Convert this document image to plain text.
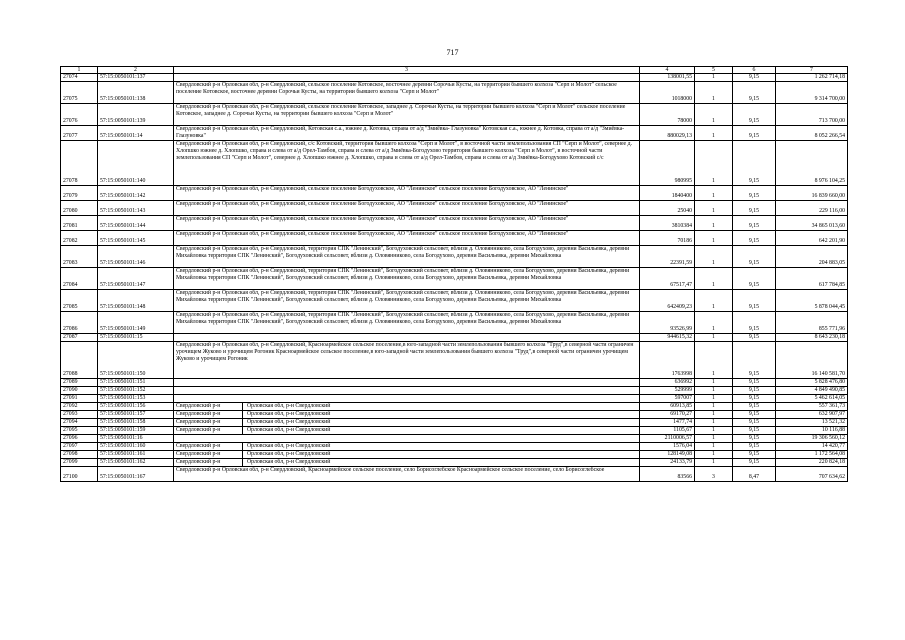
717
1	2	3	4	5	6	7
27074	57:15:0050101:137		138001,55	1	9,15	1 262 714,18
27075	57:15:0050101:138	Свердловский р-н Орловская обл, р-н Свердловский, сельское поселение Котовское, восточнее деревни Сорочьи Кусты, на территории бывшего колхоза "Серп и Молот" сельское поселение Котовское, восточнее деревни Сорочьи Кусты, на территории бывшего колхоза "Серп и Молот"	1018000	1	9,15	9 314 700,00
27076	57:15:0050101:139	Свердловский р-н Орловская обл, р-н Свердловский, сельское поселение Котовское, западнее д. Сорочьи Кусты, на территории бывшего колхоза "Серп и Молот" сельское поселение Котовское, западнее д. Сорочьи Кусты, на территории бывшего колхоза "Серп и Молот"	78000	1	9,15	713 700,00
27077	57:15:0050101:14	Свердловский р-н Орловская обл, р-н Свердловский, Котовская с.а., южнее д. Котовка, справа от а/д "Змиёвка- Глазуновка" Котовская с.а., южнее д. Котовка, справа от а/д "Змиёвка- Глазуновка"	880029,13	1	9,15	8 052 266,54
27078	57:15:0050101:140	Свердловский р-н Орловская обл, р-н Свердловский, с/с Котовский, территория бывшего колхоза "Серп и Молот", в восточной части землепользования СП "Серп и Молот", севернее д. Хлопшко южнее д. Хлопшко, справа и слева от а/д Орел-Тамбов, справа и слева от а/д Змиёвка-Богодухово территория бывшего колхоза "Серп и Молот", в восточной части землепользования СП "Серп и Молот", севернее д. Хлопшко южнее д. Хлопшко, справа и слева от а/д Орел-Тамбов, справа и слева от а/д Змиёвка-Богодухово Котовский с/с	980995	1	9,15	8 976 104,25
27079	57:15:0050101:142	Свердловский р-н Орловская обл, р-н Свердловский, сельское поселение Богодуховское, АО "Ленинское" сельское поселение Богодуховское, АО "Ленинское"	1840400	1	9,15	16 839 660,00
27080	57:15:0050101:143	Свердловский р-н Орловская обл, р-н Свердловский, сельское поселение Богодуховское, АО "Ленинское" сельское поселение Богодуховское, АО "Ленинское"	25040	1	9,15	229 116,00
27081	57:15:0050101:144	Свердловский р-н Орловская обл, р-н Свердловский, сельское поселение Богодуховское, АО "Ленинское" сельское поселение Богодуховское, АО "Ленинское"	3810384	1	9,15	34 865 013,60
27082	57:15:0050101:145	Свердловский р-н Орловская обл, р-н Свердловский, сельское поселение Богодуховское, АО "Ленинское" сельское поселение Богодуховское, АО "Ленинское"	70186	1	9,15	642 201,90
27083	57:15:0050101:146	Свердловский р-н Орловская обл, р-н Свердловский, территория СПК "Ленинский", Богодуховский сельсовет, вблизи д. Оловянниково, села Богодухово, деревни Васильевка, деревни Михайловка территория СПК "Ленинский", Богодуховский сельсовет, вблизи д. Оловянниково, села Богодухово, деревни Васильевка, деревни Михайловка	22391,59	1	9,15	204 883,05
27084	57:15:0050101:147	Свердловский р-н Орловская обл, р-н Свердловский, территория СПК "Ленинский", Богодуховский сельсовет, вблизи д. Оловянниково, села Богодухово, деревни Васильевка, деревни Михайловка территория СПК "Ленинский", Богодуховский сельсовет, вблизи д. Оловянниково, села Богодухово, деревни Васильевка, деревни Михайловка	67517,47	1	9,15	617 784,85
27085	57:15:0050101:148	Свердловский р-н Орловская обл, р-н Свердловский, территория СПК "Ленинский", Богодуховский сельсовет, вблизи д. Оловянниково, села Богодухово, деревни Васильевка, деревни Михайловка территория СПК "Ленинский", Богодуховский сельсовет, вблизи д. Оловянниково, села Богодухово, деревни Васильевка, деревни Михайловка	642409,23	1	9,15	5 878 044,45
27086	57:15:0050101:149	Свердловский р-н Орловская обл, р-н Свердловский, территория СПК "Ленинский", Богодуховский сельсовет, вблизи д. Оловянниково, села Богодухово, деревни Васильевка, деревни Михайловка территория СПК "Ленинский", Богодуховский сельсовет, вблизи д. Оловянниково, села Богодухово, деревни Васильевка, деревни Михайловка	93526,99	1	9,15	855 771,96
27087	57:15:0050101:15		944615,32	1	9,15	8 643 230,18
27088	57:15:0050101:150	Свердловский р-н Орловская обл, р-н Свердловский, Красноармейское сельское поселение,в юго-западной части землепользования бывшего колхоза "Труд",в северной части ограничен урочищем Жуково и урочищем Рогоник Красноармейское сельское поселение,в юго-западной части землепользования бывшего колхоза "Труд",в северной части ограничен урочищем Жуково и урочищем Рогоник	1763998	1	9,15	16 140 581,70
27089	57:15:0050101:151		636992	1	9,15	5 828 476,80
27090	57:15:0050101:152		529999	1	9,15	4 849 490,85
27091	57:15:0050101:153		597007	1	9,15	5 462 614,05
27092	57:15:0050101:156	Свердловский р-н Орловская обл, р-н Свердловский	60913,85	1	9,15	557 361,73
27093	57:15:0050101:157	Свердловский р-н Орловская обл, р-н Свердловский	69170,27	1	9,15	632 907,97
27094	57:15:0050101:158	Свердловский р-н Орловская обл, р-н Свердловский	1477,74	1	9,15	13 521,32
27095	57:15:0050101:159	Свердловский р-н Орловская обл, р-н Свердловский	1105,67	1	9,15	10 116,88
27096	57:15:0050101:16		2110006,57	1	9,15	19 306 560,12
27097	57:15:0050101:160	Свердловский р-н Орловская обл, р-н Свердловский	1576,04	1	9,15	14 420,77
27098	57:15:0050101:161	Свердловский р-н Орловская обл, р-н Свердловский	128149,08	1	9,15	1 172 564,08
27099	57:15:0050101:162	Свердловский р-н Орловская обл, р-н Свердловский	24133,79	1	9,15	220 824,18
27100	57:15:0050101:167	Свердловский р-н Орловская обл, р-н Свердловский, Красноармейское сельское поселение, село Борисоглебское Красноармейское сельское поселение, село Борисоглебское	83566	3	8,47	707 634,62
